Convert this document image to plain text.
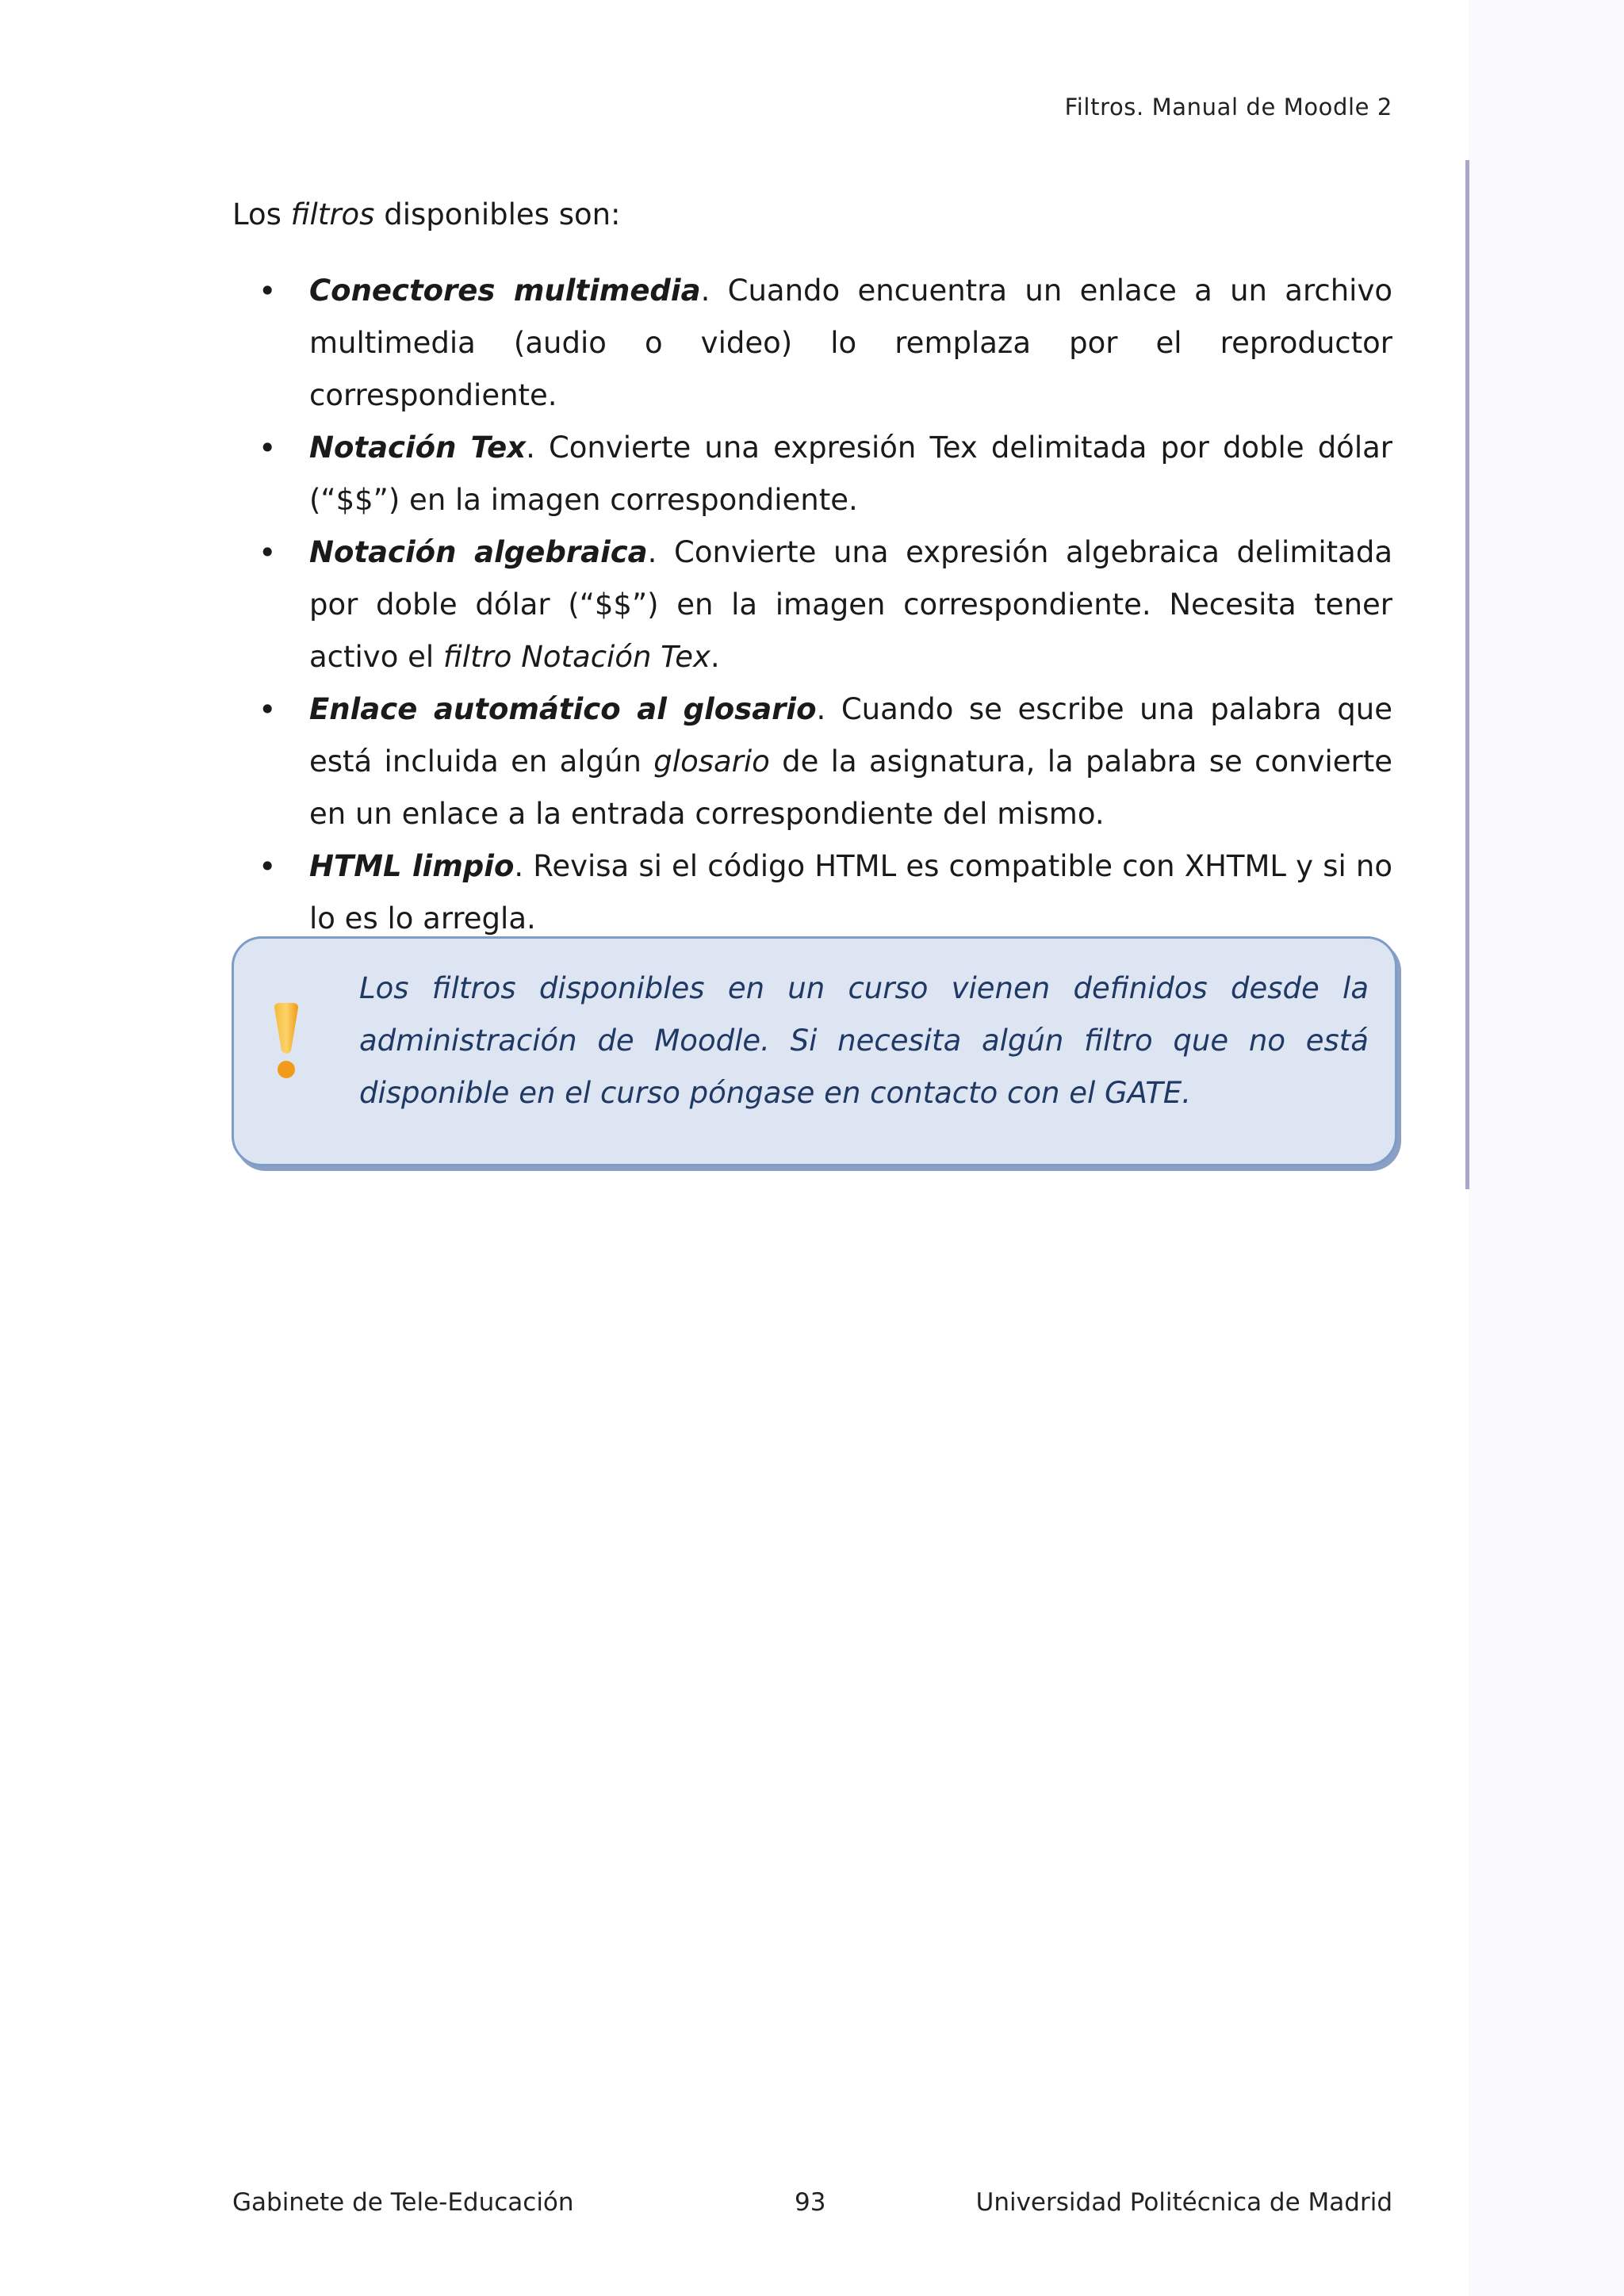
Filtros. Manual de Moodle 2

Los filtros disponibles son:

• Conectores multimedia. Cuando encuentra un enlace a un archivo multimedia (audio o video) lo remplaza por el reproductor correspondiente.
• Notación Tex. Convierte una expresión Tex delimitada por doble dólar (“$$”) en la imagen correspondiente.
• Notación algebraica. Convierte una expresión algebraica delimitada por doble dólar (“$$”) en la imagen correspondiente. Necesita tener activo el filtro Notación Tex.
• Enlace automático al glosario. Cuando se escribe una palabra que está incluida en algún glosario de la asignatura, la palabra se convierte en un enlace a la entrada correspondiente del mismo.
• HTML limpio. Revisa si el código HTML es compatible con XHTML y si no lo es lo arregla.
Los filtros disponibles en un curso vienen definidos desde la administración de Moodle. Si necesita algún filtro que no está disponible en el curso póngase en contacto con el GATE.
Gabinete de Tele-Educación	93	Universidad Politécnica de Madrid
